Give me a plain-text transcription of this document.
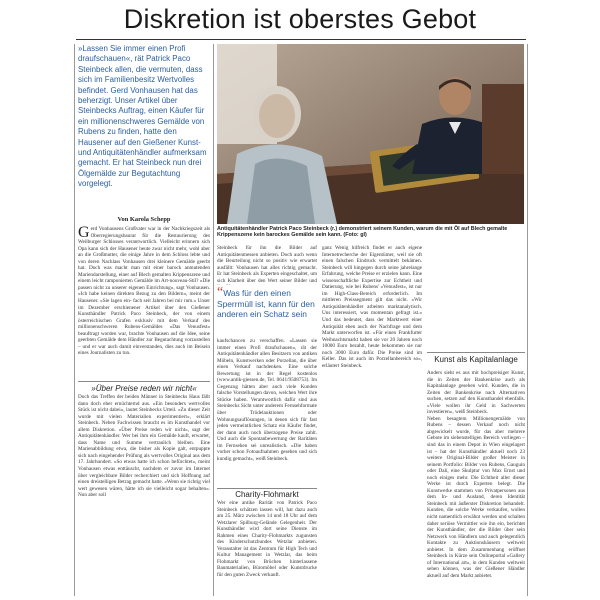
Diskretion ist oberstes Gebot
»Lassen Sie immer einen Profi draufschauen«, rät Patrick Paco Steinbeck allen, die vermuten, dass sich im Familienbesitz Wertvolles befindet. Gerd Vonhausen hat das beherzigt. Unser Artikel über Steinbecks Auftrag, einen Käufer für ein millionenschweres Gemälde von Rubens zu finden, hatte den Hausener auf den Gießener Kunst- und Antiquitätenhändler aufmerksam gemacht. Er hat Steinbeck nun drei Ölgemälde zur Begutachtung vorgelegt.
Von Karola Schepp
Antiquitätenhändler Patrick Paco Steinbeck (r.) demonstriert seinem Kunden, warum die mit Öl auf Blech gemalte Krippenszene kein barockes Gemälde sein kann. (Foto: gl)

Gerd Vonhausens Großvater war in der Nachkriegszeit als Oberregierungsbaurat für die Restaurierung des Weilburger Schlosses verantwortlich. Vielleicht erinnern sich Opa kann sich der Hausener heute zwar nicht mehr, wohl aber an die Großmutter, die einige Jahre in dem Schloss lebte und von deren Nachlass Vonhausen drei kleinere Gemälde geerbt hat. Doch was macht man mit einer barock anmutenden Mariendarstellung, einer auf Blech gemalten Krippenszene und einem leicht ramponierten Gemälde im Art-nouveau-Stil? »Die passen nicht zu unserer eigenen Einrichtung«, sagt Vonhausen. »Ich habe keinen direkten Bezug zu den Bildern«, meint der Hausener. »Sie lagen ein- fach seit Jahren bei mir rum.« Unser im Dezember erschienener Artikel über den Gießener Kunsthändler Patrick Paco Steinbeck, der von einem österreichischen Grafen exklusiv mit dem Verkauf des millionenschweren Rubens-Gemäldes »Das Venusfest« beauftragt worden war, brachte Vonhausen auf die Idee, seine geerbten Gemälde dem Händler zur Begutachtung vorzustellen – und er war auch damit einverstanden, dies auch im Beisein eines Journalisten zu tun.

»Über Preise reden wir nicht«

Doch das Treffen der beiden Männer in Steinbecks Haus fällt dann doch eher ernüchternd aus. »Ein besonders wertvolles Stück ist nicht dabei«, lautet Steinbecks Urteil. »Zu dieser Zeit wurde mit vielen Materialien experimentiert«, erklärt Steinbeck. Neben Fachwissen braucht es im Kunsthandel vor allem Diskretion. »Über Preise reden wir nicht«, sagt der Antiquitätenhändler. Wer bei ihm ein Gemälde kauft, erwartet, dass Name und Summe vertraulich bleiben. Eine Marienabbildung etwa, die bisher als Kopie galt, entpuppte sich nach eingehender Prüfung als wertvolles Original aus dem 17. Jahrhundert. »So etwas hatte ich schon befürchtet«, meint Vonhausen etwas enttäuscht, nachdem er zuvor im Internet über vergleichbare Bilder recherchiert und sich Hoffnung auf einen dreistelligen Betrag gemacht hatte. »Wenn sie richtig viel wert gewesen wären, hätte ich sie vielleicht sogar behalten«. Nun aber soll

Steinbeck für ihn die Bilder auf Antiquitätenmessen anbieten. Doch auch wenn die Beurteilung nicht so positiv wie erwartet ausfällt: Vonhausen hat alles richtig gemacht. Er hat Steinbeck als Experten eingeschaltet, um sich Klarheit über den Wert seiner Bilder und

“Was für den einen Sperrmüll ist, kann für den anderen ein Schatz sein

kaufschancen zu verschaffen. »Lassen sie immer einen Profi draufschauen«, rät der Antiquitätenhändler allen Besitzern von antiken Möbeln, Kunstwerken oder Porzellan, die über einen Verkauf nachdenken. Eine solche Bewertung ist in der Regel kostenlos (www.antik-giessen.de, Tel. 0641/9508753). Im Gegenzug hätten aber auch viele Kunden falsche Vorstellungen davon, welchen Wert ihre Stücke haben. Verantwortlich dafür sind aus Steinbecks Sicht unter anderem Fernsehformate über Trödelauktionen oder Wohnungsauflösungen, in denen sich für fast jeden vermeintlichen Schatz ein Käufer findet, der dann auch noch überzogene Preise zahlt. Und auch die Spontanbewertung der Raritäten im Fernsehen sei unrealistisch. »Die haben vorher schon Fotoaufnahmen gesehen und sich kundig gemacht«, weiß Steinbeck.

Charity-Flohmarkt

Wer eine antike Rarität von Patrick Paco Steinbeck schätzen lassen will, hat dazu auch am 25. März zwischen 14 und 18 Uhr auf dem Wetzlarer Spilburg-Gelände Gelegenheit. Der Kunsthändler wird dort seine Dienste im Rahmen eines Charity-Flohmarkts zugunsten des Kinderschutzbundes Wetzlar anbieten. Veranstalter ist das Zentrum für High Tech und Kultur Management in Wetzlar, das beim Flohmarkt von Brüchen hinterlassene Baumaterialien, Büromöbel oder Kunstdrucke für den guten Zweck verkauft.

ganz Wenig hilfreich findet er auch eigene Internetrecherche der Eigentümer, weil sie oft einen falschen Eindruck vermittelt bekämen. Steinbeck will hingegen durch seine jahrelange Erfahrung, welche Preise er erzielen kann. Eine wissenschaftliche Expertise zur Echtheit und Datierung, wie bei Rubens' »Venusfest«, ist nur im High-Class-Bereich erforderlich. Im mittleren Preissegment gilt das nicht. »Wir Antiquitätenhändler arbeiten marktanalytisch. Uns interessiert, was momentan gefragt ist.« Und das bedeutet, dass der Marktwert einer Antiquität eben auch der Nachfrage und dem Markt unterworfen ist. »Für einen Frankfurter Weihnachtsmarkt haben sie vor 20 Jahren noch 10000 Euro bezahlt, heute bekommen sie nur noch 3000 Euro dafür. Die Preise sind im Keller. Das ist auch im Porzellanbereich so«, erläutert Steinbeck.

Kunst als Kapitalanlage

Anders sieht es aus mit hochpreisiger Kunst, die in Zeiten der Bankenkrise auch als Kapitalanlage gesehen wird. Kunden, die in Zeiten der Bankenkrise nach Alternativen suchen, setzen auf den Kunsthandel ebenfalls. »Viele wollen ihr Geld in Sachwerten investieren«, weiß Steinbeck.

Neben besagtem Millionengemälde von Rubens – dessen Verkauf noch nicht abgewickelt wurde, für das aber mehrere Gebote im siebenstelligen Bereich vorliegen – sind das in einem Depot in Wien eingelagert ist – hat der Kunsthändler aktuell noch 23 weitere Original-Bilder großer Meister in seinem Portfolio: Bilder von Rubens, Gauguin oder Dalí, eine Skulptur von Max Ernst und noch einiges mehr. Die Echtheit aller dieser Werke ist durch Experten belegt. Die Kunstwerke stammen von Privatpersonen aus dem In- und Ausland, deren Identität Steinbeck mit äußerster Diskretion behandelt. Kunden, die solche Werke verkaufen, wollen nicht namentlich erwähnt werden und schalten daher seriöse Vermittler wie ihn ein, berichtet der Kunsthändler, der die Bilder über sein Netzwerk von Händlern und auch gelegentlich Kontakte zu Auktionshäusern weltweit anbietet. In dem Zusammenhang eröffnet Steinbeck in Kürze sein Onlineportal »Gallery of International art«, in dem Kunden weltweit sehen können, was der Gießener Händler aktuell auf dem Markt anbietet.
